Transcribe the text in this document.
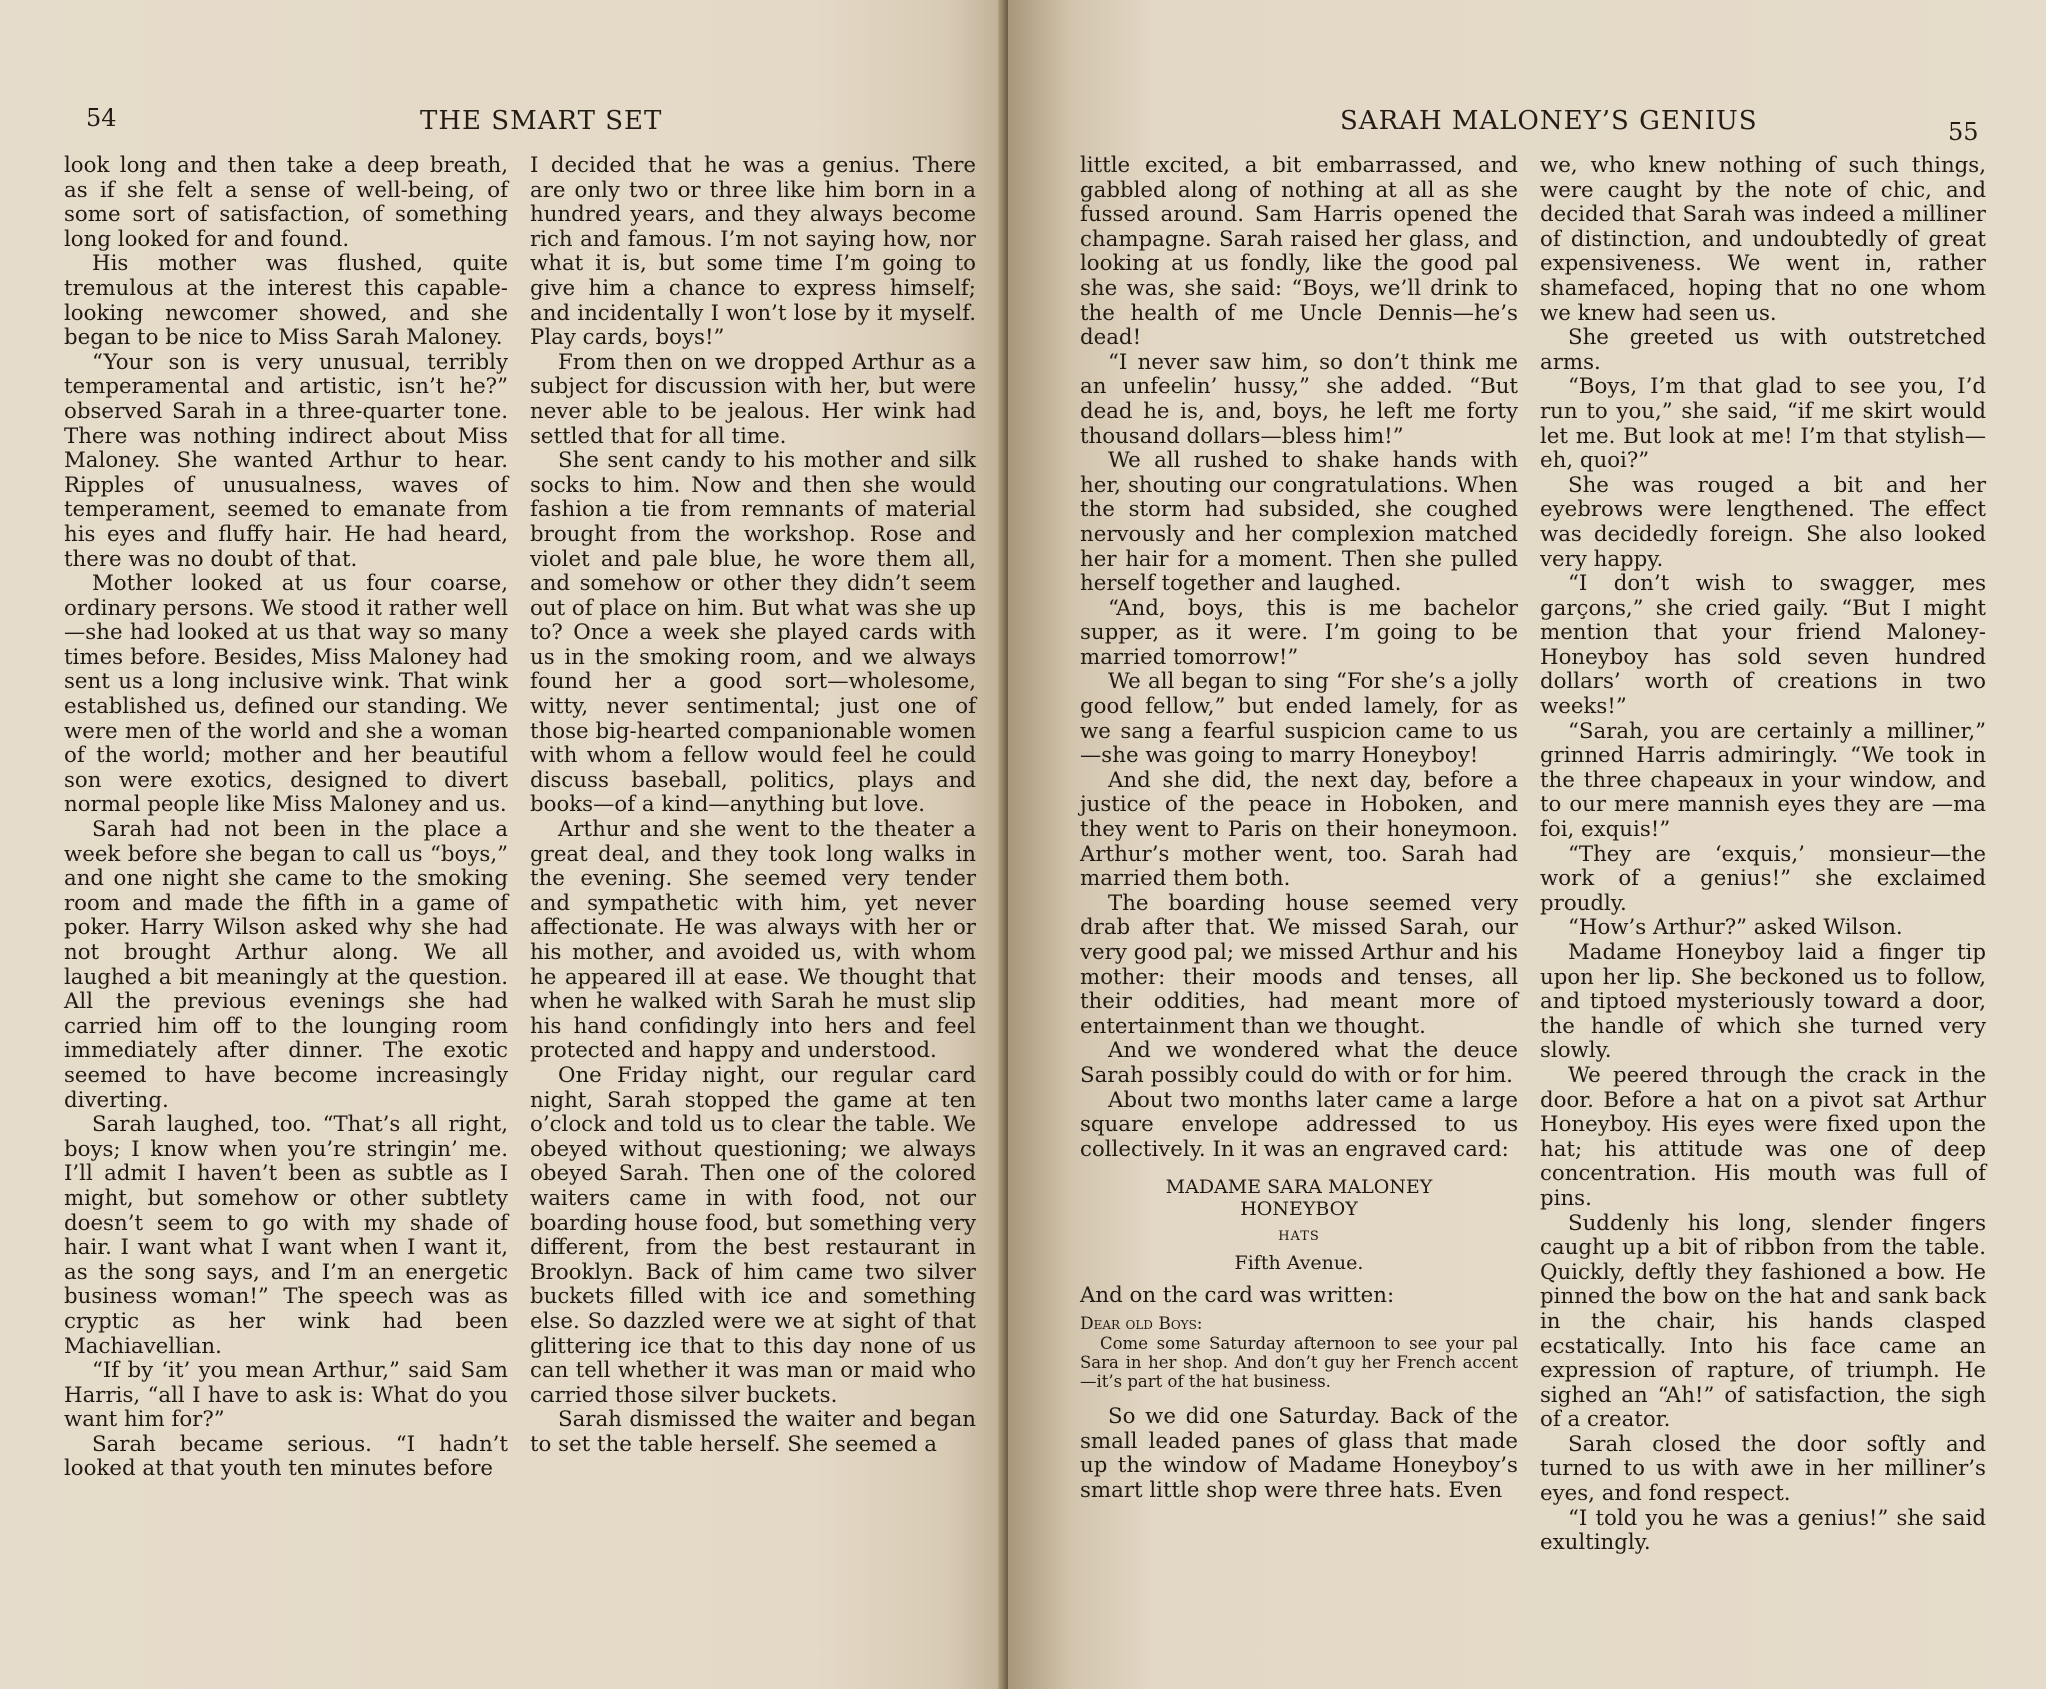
54	THE SMART SET

look long and then take a deep breath, as if she felt a sense of well-being, of some sort of satisfaction, of something long looked for and found.

His mother was flushed, quite tremulous at the interest this capable-looking newcomer showed, and she began to be nice to Miss Sarah Maloney.

“Your son is very unusual, terribly temperamental and artistic, isn’t he?” observed Sarah in a three-quarter tone. There was nothing indirect about Miss Maloney. She wanted Arthur to hear. Ripples of unusualness, waves of temperament, seemed to emanate from his eyes and fluffy hair. He had heard, there was no doubt of that.

Mother looked at us four coarse, ordinary persons. We stood it rather well —she had looked at us that way so many times before. Besides, Miss Maloney had sent us a long inclusive wink. That wink established us, defined our standing. We were men of the world and she a woman of the world; mother and her beautiful son were exotics, designed to divert normal people like Miss Maloney and us.

Sarah had not been in the place a week before she began to call us “boys,” and one night she came to the smoking room and made the fifth in a game of poker. Harry Wilson asked why she had not brought Arthur along. We all laughed a bit meaningly at the question. All the previous evenings she had carried him off to the lounging room immediately after dinner. The exotic seemed to have become increasingly diverting.

Sarah laughed, too. “That’s all right, boys; I know when you’re stringin’ me. I’ll admit I haven’t been as subtle as I might, but somehow or other subtlety doesn’t seem to go with my shade of hair. I want what I want when I want it, as the song says, and I’m an energetic business woman!” The speech was as cryptic as her wink had been Machiavellian.

“If by ‘it’ you mean Arthur,” said Sam Harris, “all I have to ask is: What do you want him for?”

Sarah became serious. “I hadn’t looked at that youth ten minutes before

I decided that he was a genius. There are only two or three like him born in a hundred years, and they always become rich and famous. I’m not saying how, nor what it is, but some time I’m going to give him a chance to express himself; and incidentally I won’t lose by it myself. Play cards, boys!”

From then on we dropped Arthur as a subject for discussion with her, but were never able to be jealous. Her wink had settled that for all time.

She sent candy to his mother and silk socks to him. Now and then she would fashion a tie from remnants of material brought from the workshop. Rose and violet and pale blue, he wore them all, and somehow or other they didn’t seem out of place on him. But what was she up to? Once a week she played cards with us in the smoking room, and we always found her a good sort—wholesome, witty, never sentimental; just one of those big-hearted companionable women with whom a fellow would feel he could discuss baseball, politics, plays and books—of a kind—anything but love.

Arthur and she went to the theater a great deal, and they took long walks in the evening. She seemed very tender and sympathetic with him, yet never affectionate. He was always with her or his mother, and avoided us, with whom he appeared ill at ease. We thought that when he walked with Sarah he must slip his hand confidingly into hers and feel protected and happy and understood.

One Friday night, our regular card night, Sarah stopped the game at ten o’clock and told us to clear the table. We obeyed without questioning; we always obeyed Sarah. Then one of the colored waiters came in with food, not our boarding house food, but something very different, from the best restaurant in Brooklyn. Back of him came two silver buckets filled with ice and something else. So dazzled were we at sight of that glittering ice that to this day none of us can tell whether it was man or maid who carried those silver buckets.

Sarah dismissed the waiter and began to set the table herself. She seemed a

SARAH MALONEY’S GENIUS	55

little excited, a bit embarrassed, and gabbled along of nothing at all as she fussed around. Sam Harris opened the champagne. Sarah raised her glass, and looking at us fondly, like the good pal she was, she said: “Boys, we’ll drink to the health of me Uncle Dennis—he’s dead!

“I never saw him, so don’t think me an unfeelin’ hussy,” she added. “But dead he is, and, boys, he left me forty thousand dollars—bless him!”

We all rushed to shake hands with her, shouting our congratulations. When the storm had subsided, she coughed nervously and her complexion matched her hair for a moment. Then she pulled herself together and laughed.

“And, boys, this is me bachelor supper, as it were. I’m going to be married tomorrow!”

We all began to sing “For she’s a jolly good fellow,” but ended lamely, for as we sang a fearful suspicion came to us —she was going to marry Honeyboy!

And she did, the next day, before a justice of the peace in Hoboken, and they went to Paris on their honeymoon. Arthur’s mother went, too. Sarah had married them both.

The boarding house seemed very drab after that. We missed Sarah, our very good pal; we missed Arthur and his mother: their moods and tenses, all their oddities, had meant more of entertainment than we thought.

And we wondered what the deuce Sarah possibly could do with or for him.

About two months later came a large square envelope addressed to us collectively. In it was an engraved card:

MADAME SARA MALONEY
HONEYBOY
HATS
Fifth Avenue.

And on the card was written:

Dear old Boys:

Come some Saturday afternoon to see your pal Sara in her shop. And don’t guy her French accent—it’s part of the hat business.

So we did one Saturday. Back of the small leaded panes of glass that made up the window of Madame Honeyboy’s smart little shop were three hats. Even

we, who knew nothing of such things, were caught by the note of chic, and decided that Sarah was indeed a milliner of distinction, and undoubtedly of great expensiveness. We went in, rather shamefaced, hoping that no one whom we knew had seen us.

She greeted us with outstretched arms.

“Boys, I’m that glad to see you, I’d run to you,” she said, “if me skirt would let me. But look at me! I’m that stylish—eh, quoi?”

She was rouged a bit and her eyebrows were lengthened. The effect was decidedly foreign. She also looked very happy.

“I don’t wish to swagger, mes garçons,” she cried gaily. “But I might mention that your friend Maloney-Honeyboy has sold seven hundred dollars’ worth of creations in two weeks!”

“Sarah, you are certainly a milliner,” grinned Harris admiringly. “We took in the three chapeaux in your window, and to our mere mannish eyes they are —ma foi, exquis!”

“They are ‘exquis,’ monsieur—the work of a genius!” she exclaimed proudly.

“How’s Arthur?” asked Wilson.

Madame Honeyboy laid a finger tip upon her lip. She beckoned us to follow, and tiptoed mysteriously toward a door, the handle of which she turned very slowly.

We peered through the crack in the door. Before a hat on a pivot sat Arthur Honeyboy. His eyes were fixed upon the hat; his attitude was one of deep concentration. His mouth was full of pins.

Suddenly his long, slender fingers caught up a bit of ribbon from the table. Quickly, deftly they fashioned a bow. He pinned the bow on the hat and sank back in the chair, his hands clasped ecstatically. Into his face came an expression of rapture, of triumph. He sighed an “Ah!” of satisfaction, the sigh of a creator.

Sarah closed the door softly and turned to us with awe in her milliner’s eyes, and fond respect.

“I told you he was a genius!” she said exultingly.
